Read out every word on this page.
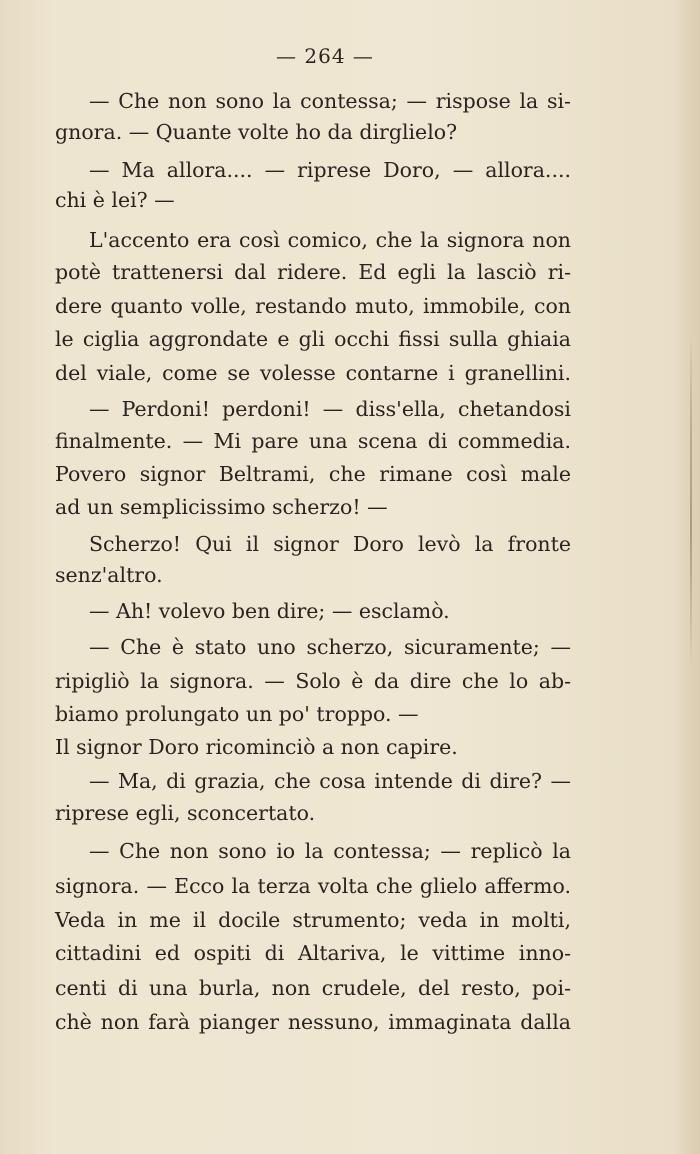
— 264 —
— Che non sono la contessa; — rispose la si-
gnora. — Quante volte ho da dirglielo?
— Ma allora.... — riprese Doro, — allora....
chi è lei? —
L'accento era così comico, che la signora non
potè trattenersi dal ridere. Ed egli la lasciò ri-
dere quanto volle, restando muto, immobile, con
le ciglia aggrondate e gli occhi fissi sulla ghiaia
del viale, come se volesse contarne i granellini.
— Perdoni! perdoni! — diss'ella, chetandosi
finalmente. — Mi pare una scena di commedia.
Povero signor Beltrami, che rimane così male
ad un semplicissimo scherzo! —
Scherzo! Qui il signor Doro levò la fronte
senz'altro.
— Ah! volevo ben dire; — esclamò.
— Che è stato uno scherzo, sicuramente; —
ripigliò la signora. — Solo è da dire che lo ab-
biamo prolungato un po' troppo. —
Il signor Doro ricominciò a non capire.
— Ma, di grazia, che cosa intende di dire? —
riprese egli, sconcertato.
— Che non sono io la contessa; — replicò la
signora. — Ecco la terza volta che glielo affermo.
Veda in me il docile strumento; veda in molti,
cittadini ed ospiti di Altariva, le vittime inno-
centi di una burla, non crudele, del resto, poi-
chè non farà pianger nessuno, immaginata dalla
